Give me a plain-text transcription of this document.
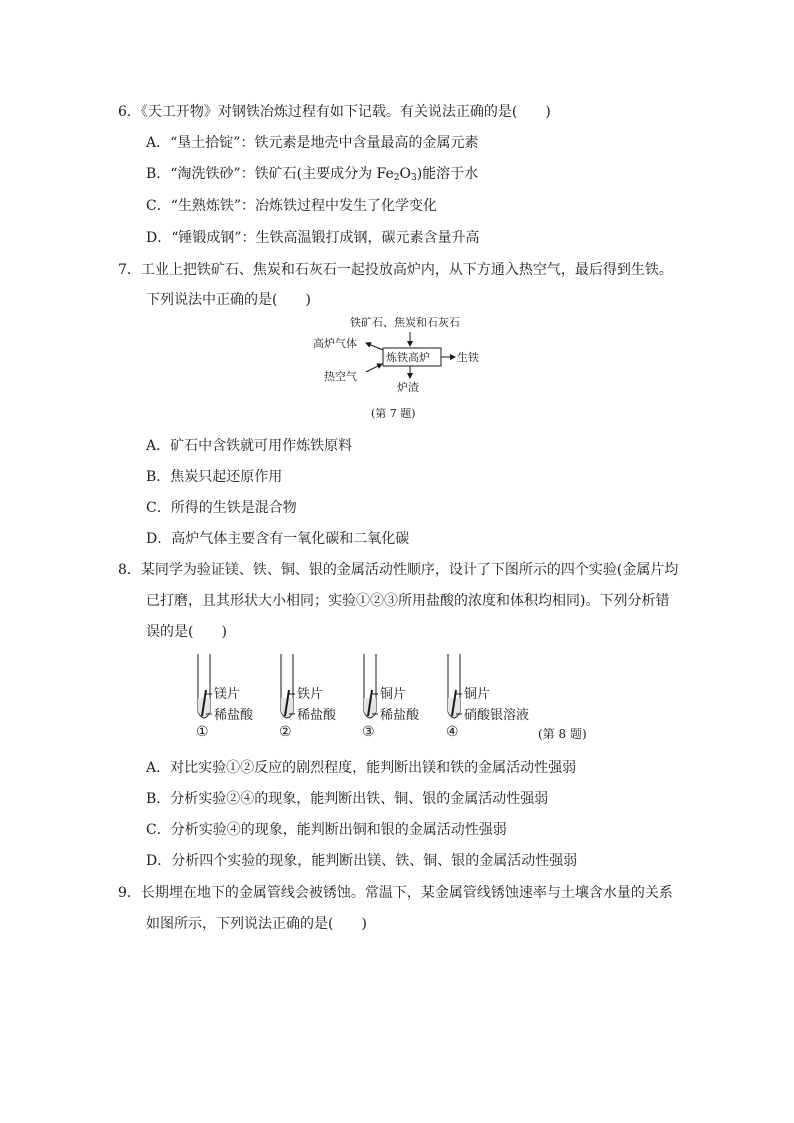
6．《天工开物》对钢铁冶炼过程有如下记载。有关说法正确的是(　　)
A．“垦土拾锭”：铁元素是地壳中含量最高的金属元素
B．“淘洗铁砂”：铁矿石(主要成分为 $Fe_2O_3$)能溶于水
C．“生熟炼铁”：冶炼铁过程中发生了化学变化
D．“锤锻成钢”：生铁高温锻打成钢，碳元素含量升高
7．工业上把铁矿石、焦炭和石灰石一起投放高炉内，从下方通入热空气，最后得到生铁。
下列说法中正确的是(　　)
铁矿石、焦炭和石灰石
炼铁高炉
高炉气体
热空气
生铁
炉渣
(第 7 题)
A．矿石中含铁就可用作炼铁原料
B．焦炭只起还原作用
C．所得的生铁是混合物
D．高炉气体主要含有一氧化碳和二氧化碳
8．某同学为验证镁、铁、铜、银的金属活动性顺序，设计了下图所示的四个实验(金属片均
已打磨，且其形状大小相同；实验①②③所用盐酸的浓度和体积均相同)。下列分析错
误的是(　　)
镁片
稀盐酸
①
铁片
稀盐酸
②
铜片
稀盐酸
③
铜片
硝酸银溶液
④	(第 8 题)
A．对比实验①②反应的剧烈程度，能判断出镁和铁的金属活动性强弱
B．分析实验②④的现象，能判断出铁、铜、银的金属活动性强弱
C．分析实验④的现象，能判断出铜和银的金属活动性强弱
D．分析四个实验的现象，能判断出镁、铁、铜、银的金属活动性强弱
9．长期埋在地下的金属管线会被锈蚀。常温下，某金属管线锈蚀速率与土壤含水量的关系
如图所示，下列说法正确的是(　　)
